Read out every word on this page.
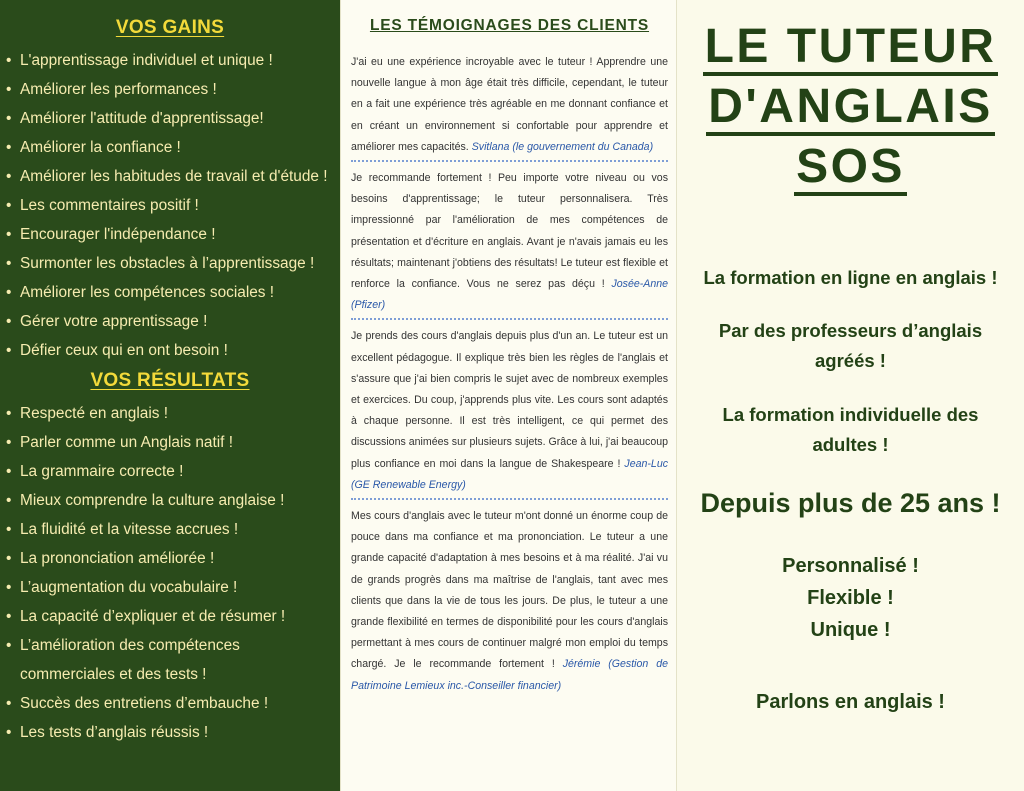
VOS GAINS
• L'apprentissage individuel et unique !
• Améliorer les performances !
• Améliorer l'attitude d'apprentissage!
• Améliorer la confiance !
• Améliorer les habitudes de travail et d'étude !
• Les commentaires positif !
• Encourager l'indépendance !
• Surmonter les obstacles à l’apprentissage !
• Améliorer les compétences sociales !
• Gérer votre apprentissage !
• Défier ceux qui en ont besoin !
VOS RÉSULTATS
• Respecté en anglais !
• Parler comme un Anglais natif !
• La grammaire correcte !
• Mieux comprendre la culture anglaise !
• La fluidité et la vitesse accrues !
• La prononciation améliorée !
• L’augmentation du vocabulaire !
• La capacité d’expliquer et de résumer !
• L’amélioration des compétences commerciales et des tests !
• Succès des entretiens d’embauche !
• Les tests d’anglais réussis !
LES TÉMOIGNAGES DES CLIENTS

J'ai eu une expérience incroyable avec le tuteur ! Apprendre une nouvelle langue à mon âge était très difficile, cependant, le tuteur en a fait une expérience très agréable en me donnant confiance et en créant un environnement si confortable pour apprendre et améliorer mes capacités. Svitlana (le gouvernement du Canada)

Je recommande fortement ! Peu importe votre niveau ou vos besoins d'apprentissage; le tuteur personnalisera. Très impressionné par l'amélioration de mes compétences de présentation et d'écriture en anglais. Avant je n'avais jamais eu les résultats; maintenant j'obtiens des résultats! Le tuteur est flexible et renforce la confiance. Vous ne serez pas déçu ! Josée-Anne (Pfizer)

Je prends des cours d'anglais depuis plus d'un an. Le tuteur est un excellent pédagogue. Il explique très bien les règles de l'anglais et s'assure que j'ai bien compris le sujet avec de nombreux exemples et exercices. Du coup, j'apprends plus vite. Les cours sont adaptés à chaque personne. Il est très intelligent, ce qui permet des discussions animées sur plusieurs sujets. Grâce à lui, j'ai beaucoup plus confiance en moi dans la langue de Shakespeare ! Jean-Luc (GE Renewable Energy)

Mes cours d'anglais avec le tuteur m'ont donné un énorme coup de pouce dans ma confiance et ma prononciation. Le tuteur a une grande capacité d'adaptation à mes besoins et à ma réalité. J'ai vu de grands progrès dans ma maîtrise de l'anglais, tant avec mes clients que dans la vie de tous les jours. De plus, le tuteur a une grande flexibilité en termes de disponibilité pour les cours d'anglais permettant à mes cours de continuer malgré mon emploi du temps chargé. Je le recommande fortement ! Jérémie (Gestion de Patrimoine Lemieux inc.-Conseiller financier)

LE TUTEUR
D'ANGLAIS
SOS

La formation en ligne en anglais !

Par des professeurs d’anglais
agréés !

La formation individuelle des
adultes !

Depuis plus de 25 ans !

Personnalisé !
Flexible !
Unique !

Parlons en anglais !
